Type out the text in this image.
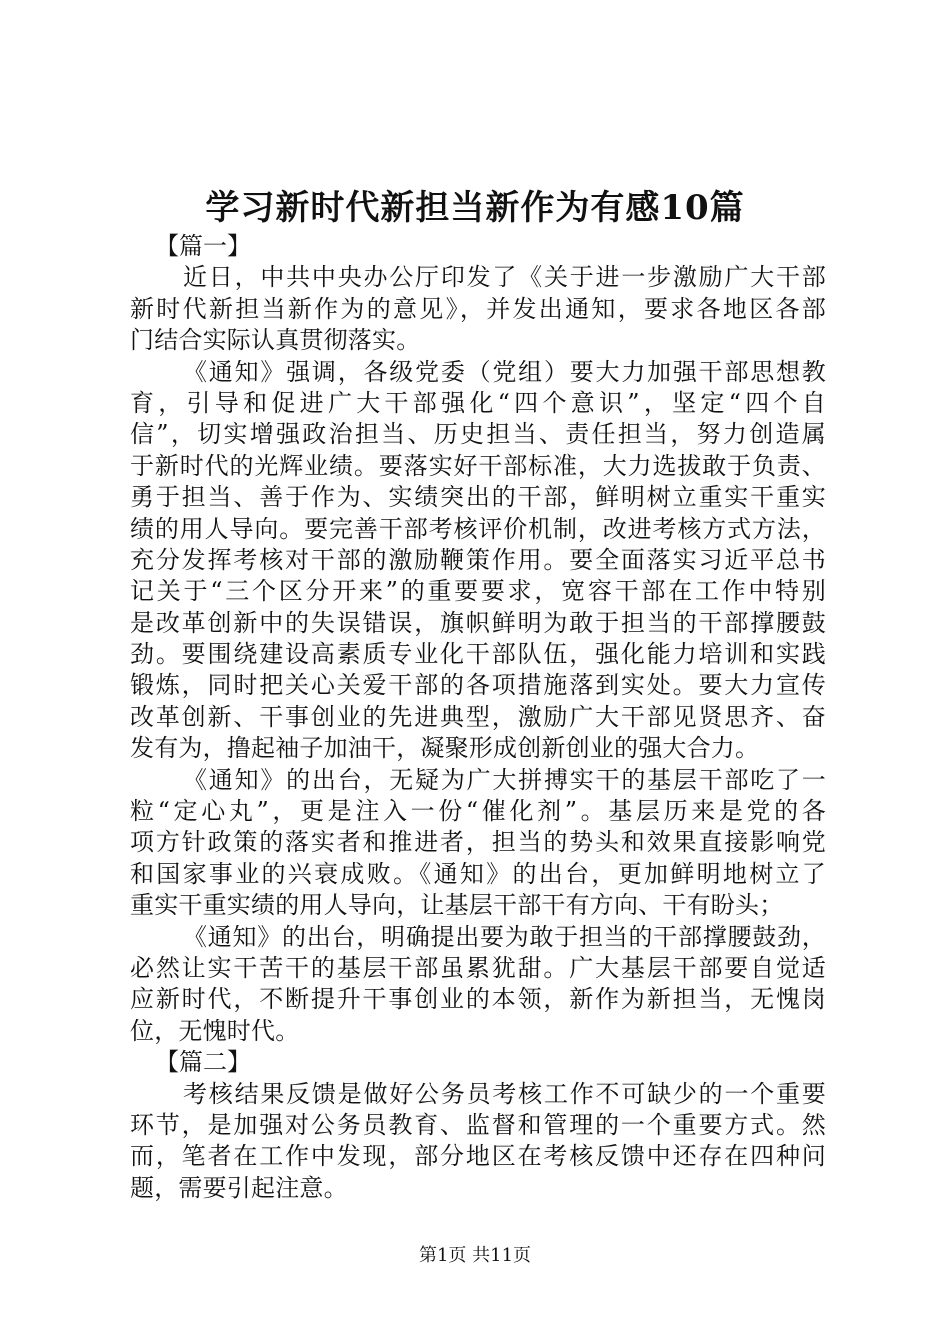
学习新时代新担当新作为有感10篇
【篇一】
近日，中共中央办公厅印发了《关于进一步激励广大干部
新时代新担当新作为的意见》，并发出通知，要求各地区各部
门结合实际认真贯彻落实。
《通知》强调，各级党委（党组）要大力加强干部思想教
育，引导和促进广大干部强化“四个意识”，坚定“四个自
信”，切实增强政治担当、历史担当、责任担当，努力创造属
于新时代的光辉业绩。要落实好干部标准，大力选拔敢于负责、
勇于担当、善于作为、实绩突出的干部，鲜明树立重实干重实
绩的用人导向。要完善干部考核评价机制，改进考核方式方法，
充分发挥考核对干部的激励鞭策作用。要全面落实习近平总书
记关于“三个区分开来”的重要要求，宽容干部在工作中特别
是改革创新中的失误错误，旗帜鲜明为敢于担当的干部撑腰鼓
劲。要围绕建设高素质专业化干部队伍，强化能力培训和实践
锻炼，同时把关心关爱干部的各项措施落到实处。要大力宣传
改革创新、干事创业的先进典型，激励广大干部见贤思齐、奋
发有为，撸起袖子加油干，凝聚形成创新创业的强大合力。
《通知》的出台，无疑为广大拼搏实干的基层干部吃了一
粒“定心丸”，更是注入一份“催化剂”。基层历来是党的各
项方针政策的落实者和推进者，担当的势头和效果直接影响党
和国家事业的兴衰成败。《通知》的出台，更加鲜明地树立了
重实干重实绩的用人导向，让基层干部干有方向、干有盼头；
《通知》的出台，明确提出要为敢于担当的干部撑腰鼓劲，
必然让实干苦干的基层干部虽累犹甜。广大基层干部要自觉适
应新时代，不断提升干事创业的本领，新作为新担当，无愧岗
位，无愧时代。
【篇二】
考核结果反馈是做好公务员考核工作不可缺少的一个重要
环节，是加强对公务员教育、监督和管理的一个重要方式。然
而，笔者在工作中发现，部分地区在考核反馈中还存在四种问
题，需要引起注意。
第1页 共11页
